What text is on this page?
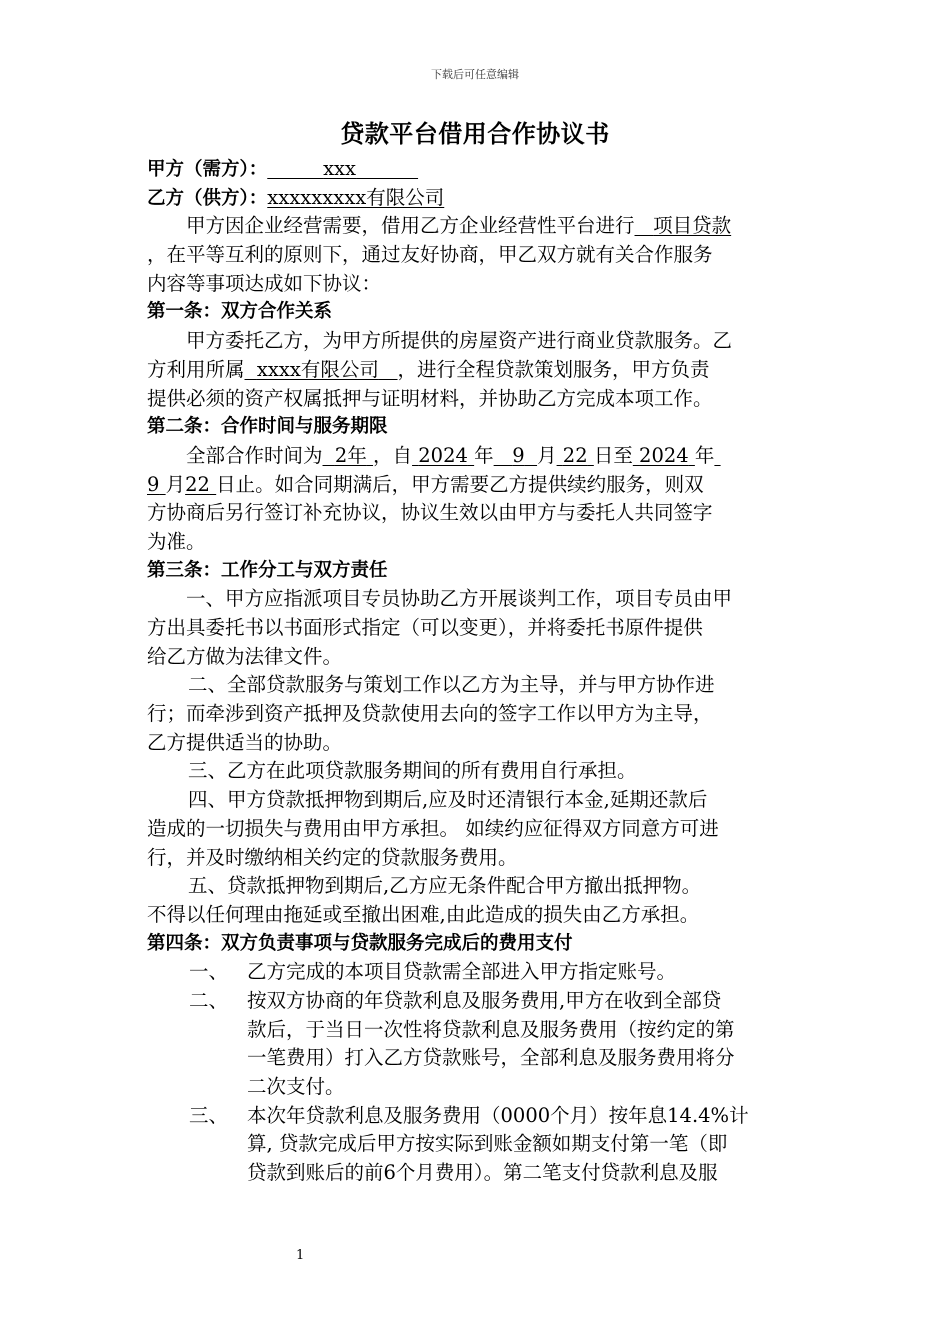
下载后可任意编辑
贷款平台借用合作协议书
甲方（需方）：	xxx
乙方（供方）：xxxxxxxxx有限公司
甲方因企业经营需要，借用乙方企业经营性平台进行 项目贷款
，在平等互利的原则下，通过友好协商，甲乙双方就有关合作服务
内容等事项达成如下协议：
第一条：双方合作关系
甲方委托乙方，为甲方所提供的房屋资产进行商业贷款服务。乙
方利用所属 xxxx有限公司 ，进行全程贷款策划服务，甲方负责
提供必须的资产权属抵押与证明材料，并协助乙方完成本项工作。
第二条：合作时间与服务期限
全部合作时间为 2年 ，自 2024 年 9 月 22 日至 2024 年
9 月22 日止。如合同期满后，甲方需要乙方提供续约服务，则双
方协商后另行签订补充协议，协议生效以由甲方与委托人共同签字
为准。
第三条：工作分工与双方责任
一、甲方应指派项目专员协助乙方开展谈判工作，项目专员由甲
方出具委托书以书面形式指定（可以变更），并将委托书原件提供
给乙方做为法律文件。
二、全部贷款服务与策划工作以乙方为主导，并与甲方协作进
行；而牵涉到资产抵押及贷款使用去向的签字工作以甲方为主导，
乙方提供适当的协助。
三、乙方在此项贷款服务期间的所有费用自行承担。
四、甲方贷款抵押物到期后,应及时还清银行本金,延期还款后
造成的一切损失与费用由甲方承担。 如续约应征得双方同意方可进
行，并及时缴纳相关约定的贷款服务费用。
五、贷款抵押物到期后,乙方应无条件配合甲方撤出抵押物。
不得以任何理由拖延或至撤出困难,由此造成的损失由乙方承担。
第四条：双方负责事项与贷款服务完成后的费用支付
一、 乙方完成的本项目贷款需全部进入甲方指定账号。
二、 按双方协商的年贷款利息及服务费用,甲方在收到全部贷
款后，于当日一次性将贷款利息及服务费用（按约定的第
一笔费用）打入乙方贷款账号，全部利息及服务费用将分
二次支付。
三、 本次年贷款利息及服务费用（0000个月）按年息14.4%计
算, 贷款完成后甲方按实际到账金额如期支付第一笔（即
贷款到账后的前6个月费用）。第二笔支付贷款利息及服
1
